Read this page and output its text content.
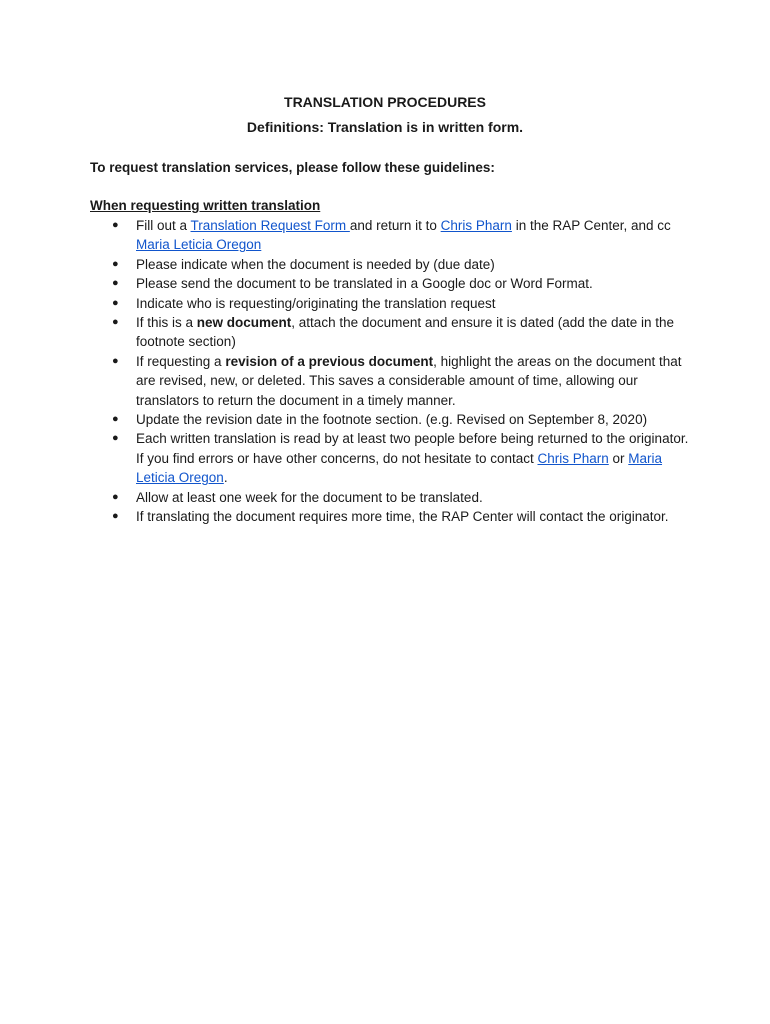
TRANSLATION PROCEDURES
Definitions: Translation is in written form.
To request translation services, please follow these guidelines:
When requesting written translation
● Fill out a Translation Request Form and return it to Chris Pharn in the RAP Center, and cc Maria Leticia Oregon
● Please indicate when the document is needed by (due date)
● Please send the document to be translated in a Google doc or Word Format.
● Indicate who is requesting/originating the translation request
● If this is a new document, attach the document and ensure it is dated (add the date in the footnote section)
● If requesting a revision of a previous document, highlight the areas on the document that are revised, new, or deleted. This saves a considerable amount of time, allowing our translators to return the document in a timely manner.
● Update the revision date in the footnote section. (e.g. Revised on September 8, 2020)
● Each written translation is read by at least two people before being returned to the originator. If you find errors or have other concerns, do not hesitate to contact Chris Pharn or Maria Leticia Oregon.
● Allow at least one week for the document to be translated.
● If translating the document requires more time, the RAP Center will contact the originator.
